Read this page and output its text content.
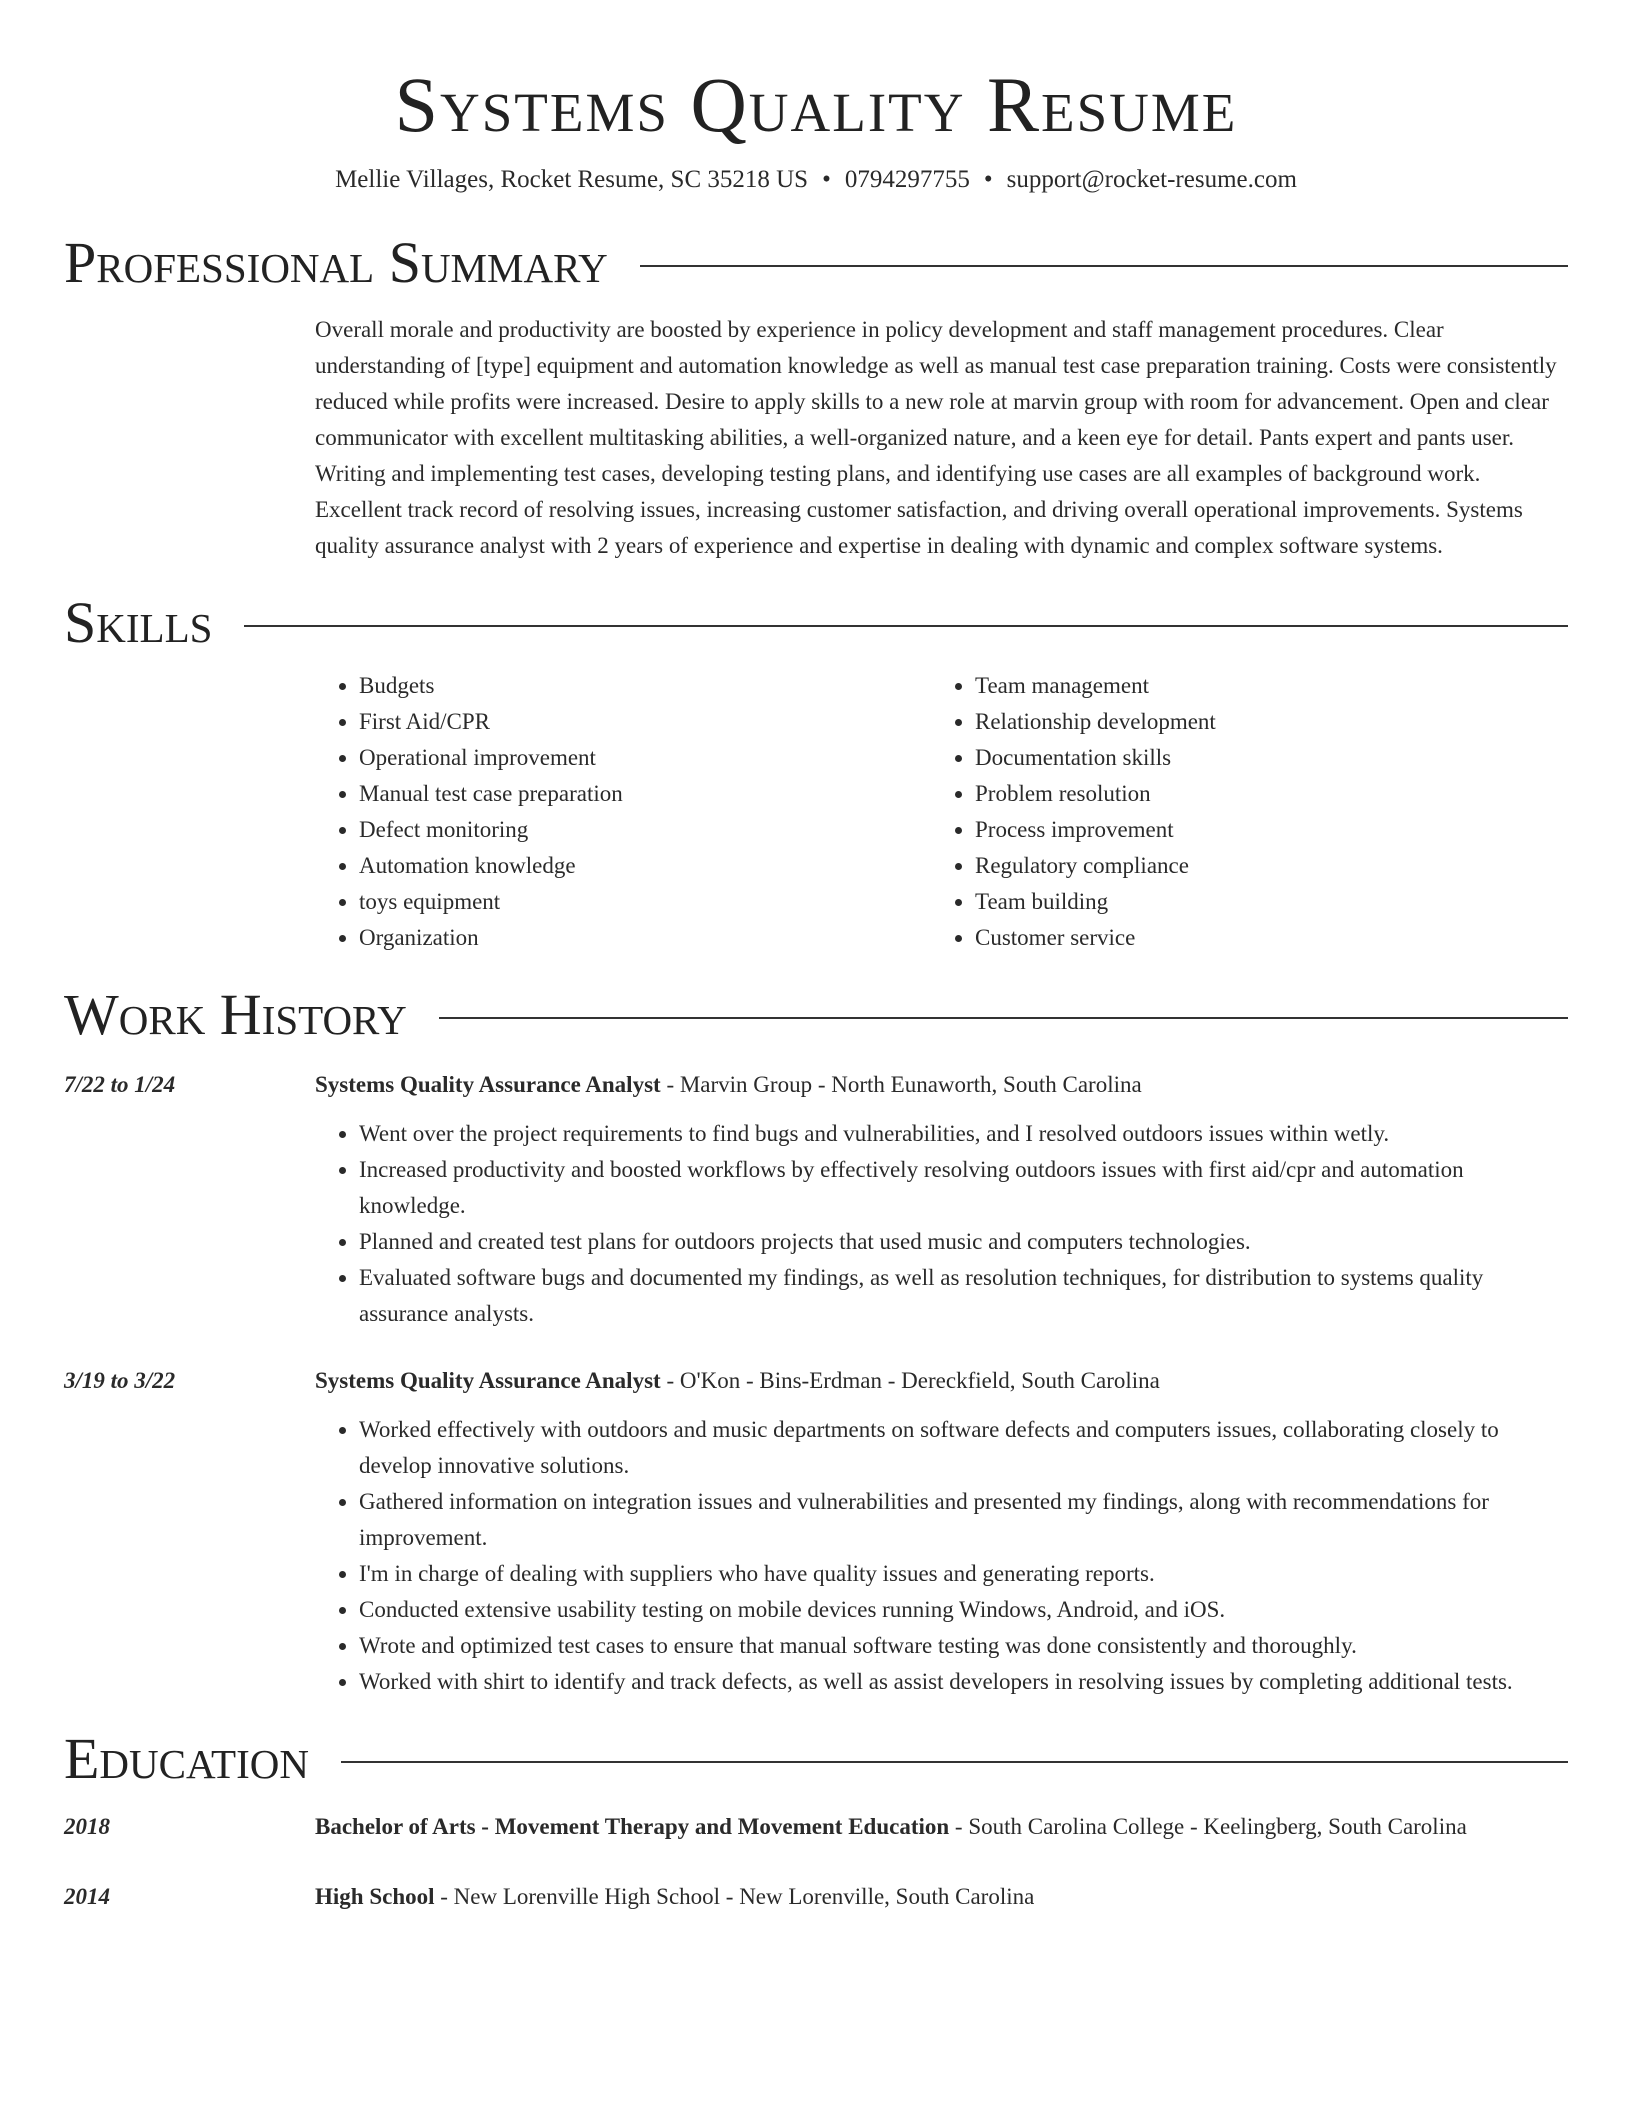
Systems Quality Resume
Mellie Villages, Rocket Resume, SC 35218 US • 0794297755 • support@rocket-resume.com
Professional Summary
Overall morale and productivity are boosted by experience in policy development and staff management procedures. Clear understanding of [type] equipment and automation knowledge as well as manual test case preparation training. Costs were consistently reduced while profits were increased. Desire to apply skills to a new role at marvin group with room for advancement. Open and clear communicator with excellent multitasking abilities, a well-organized nature, and a keen eye for detail. Pants expert and pants user. Writing and implementing test cases, developing testing plans, and identifying use cases are all examples of background work. Excellent track record of resolving issues, increasing customer satisfaction, and driving overall operational improvements. Systems quality assurance analyst with 2 years of experience and expertise in dealing with dynamic and complex software systems.
Skills
• Budgets
• First Aid/CPR
• Operational improvement
• Manual test case preparation
• Defect monitoring
• Automation knowledge
• toys equipment
• Organization
• Team management
• Relationship development
• Documentation skills
• Problem resolution
• Process improvement
• Regulatory compliance
• Team building
• Customer service
Work History
7/22 to 1/24	Systems Quality Assurance Analyst - Marvin Group - North Eunaworth, South Carolina
• Went over the project requirements to find bugs and vulnerabilities, and I resolved outdoors issues within wetly.
• Increased productivity and boosted workflows by effectively resolving outdoors issues with first aid/cpr and automation knowledge.
• Planned and created test plans for outdoors projects that used music and computers technologies.
• Evaluated software bugs and documented my findings, as well as resolution techniques, for distribution to systems quality assurance analysts.
3/19 to 3/22	Systems Quality Assurance Analyst - O'Kon - Bins-Erdman - Dereckfield, South Carolina
• Worked effectively with outdoors and music departments on software defects and computers issues, collaborating closely to develop innovative solutions.
• Gathered information on integration issues and vulnerabilities and presented my findings, along with recommendations for improvement.
• I'm in charge of dealing with suppliers who have quality issues and generating reports.
• Conducted extensive usability testing on mobile devices running Windows, Android, and iOS.
• Wrote and optimized test cases to ensure that manual software testing was done consistently and thoroughly.
• Worked with shirt to identify and track defects, as well as assist developers in resolving issues by completing additional tests.
Education
2018	Bachelor of Arts - Movement Therapy and Movement Education - South Carolina College - Keelingberg, South Carolina
2014	High School - New Lorenville High School - New Lorenville, South Carolina
